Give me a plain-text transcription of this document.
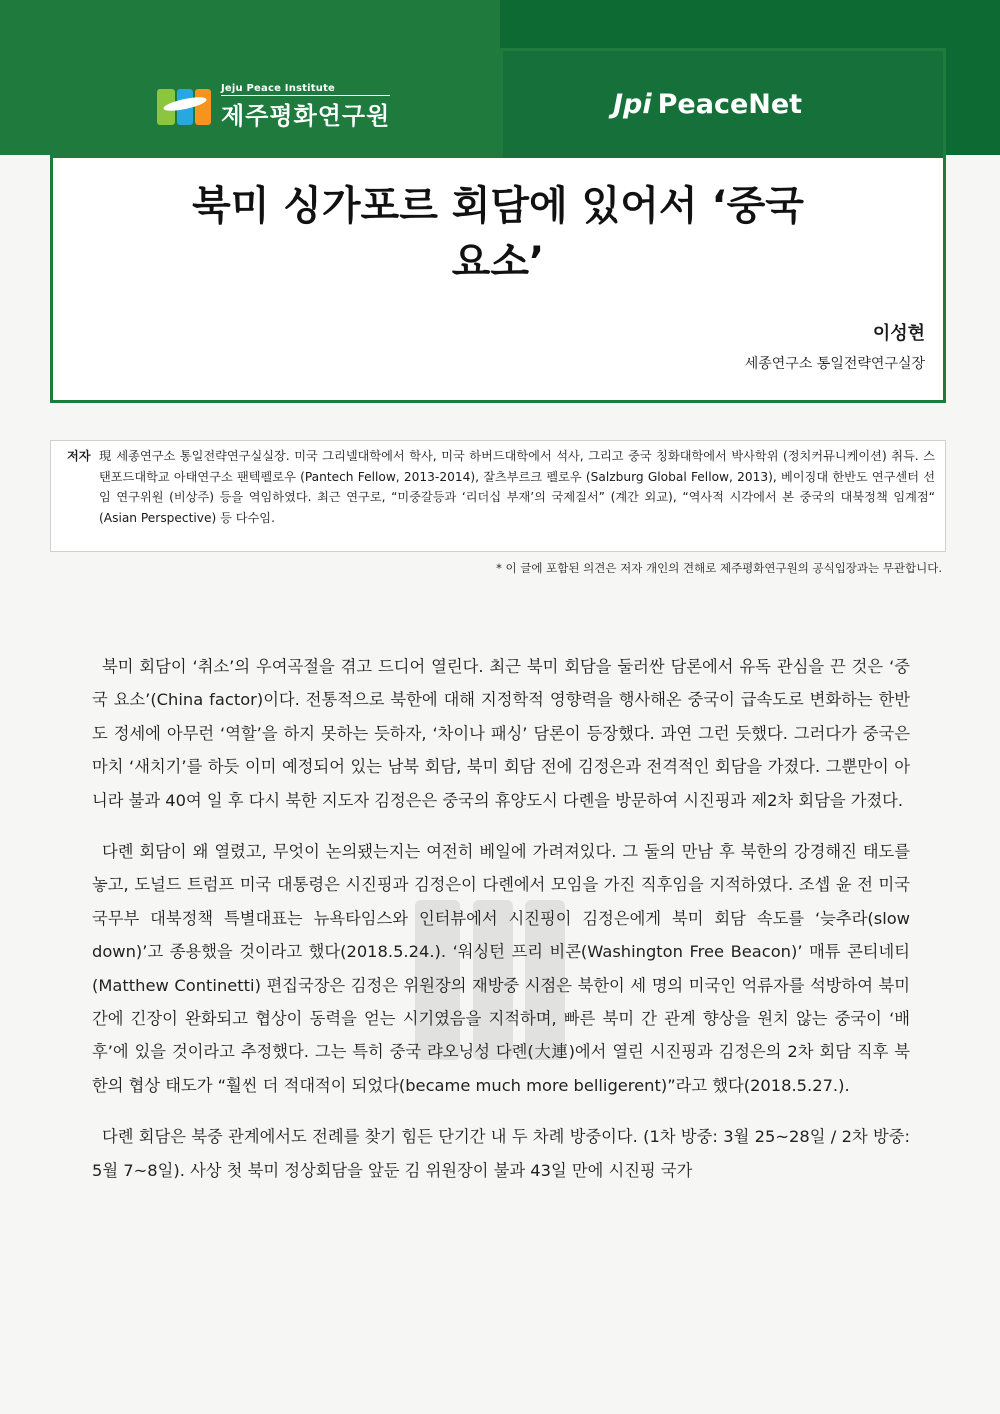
Jeju Peace Institute
제주평화연구원	Jpi PeaceNet
북미 싱가포르 회담에 있어서 ‘중국
요소’
이성현
세종연구소 통일전략연구실장
저자 現 세종연구소 통일전략연구실실장. 미국 그리넬대학에서 학사, 미국 하버드대학에서 석사, 그리고 중국 칭화대학에서 박사학위 (정치커뮤니케이션) 취득. 스탠포드대학교 아태연구소 팬텍펠로우 (Pantech Fellow, 2013-2014), 잘츠부르크 펠로우 (Salzburg Global Fellow, 2013), 베이징대 한반도 연구센터 선임 연구위원 (비상주) 등을 역임하였다. 최근 연구로, “미중갈등과 ‘리더십 부재’의 국제질서” (계간 외교), “역사적 시각에서 본 중국의 대북정책 임계점“ (Asian Perspective) 등 다수임.
* 이 글에 포함된 의견은 저자 개인의 견해로 제주평화연구원의 공식입장과는 무관합니다.

북미 회담이 ‘취소’의 우여곡절을 겪고 드디어 열린다. 최근 북미 회담을 둘러싼 담론에서 유독 관심을 끈 것은 ‘중국 요소’(China factor)이다. 전통적으로 북한에 대해 지정학적 영향력을 행사해온 중국이 급속도로 변화하는 한반도 정세에 아무런 ‘역할’을 하지 못하는 듯하자, ‘차이나 패싱’ 담론이 등장했다. 과연 그런 듯했다. 그러다가 중국은 마치 ‘새치기’를 하듯 이미 예정되어 있는 남북 회담, 북미 회담 전에 김정은과 전격적인 회담을 가졌다. 그뿐만이 아니라 불과 40여 일 후 다시 북한 지도자 김정은은 중국의 휴양도시 다롄을 방문하여 시진핑과 제2차 회담을 가졌다.

다롄 회담이 왜 열렸고, 무엇이 논의됐는지는 여전히 베일에 가려져있다. 그 둘의 만남 후 북한의 강경해진 태도를 놓고, 도널드 트럼프 미국 대통령은 시진핑과 김정은이 다롄에서 모임을 가진 직후임을 지적하였다. 조셉 윤 전 미국 국무부 대북정책 특별대표는 뉴욕타임스와 인터뷰에서 시진핑이 김정은에게 북미 회담 속도를 ‘늦추라(slow down)’고 종용했을 것이라고 했다(2018.5.24.). ‘워싱턴 프리 비콘(Washington Free Beacon)’ 매튜 콘티네티(Matthew Continetti) 편집국장은 김정은 위원장의 재방중 시점은 북한이 세 명의 미국인 억류자를 석방하여 북미 간에 긴장이 완화되고 협상이 동력을 얻는 시기였음을 지적하며, 빠른 북미 간 관계 향상을 원치 않는 중국이 ‘배후’에 있을 것이라고 추정했다. 그는 특히 중국 랴오닝성 다롄(大連)에서 열린 시진핑과 김정은의 2차 회담 직후 북한의 협상 태도가 “훨씬 더 적대적이 되었다(became much more belligerent)”라고 했다(2018.5.27.).

다롄 회담은 북중 관계에서도 전례를 찾기 힘든 단기간 내 두 차례 방중이다. (1차 방중: 3월 25~28일 / 2차 방중: 5월 7~8일). 사상 첫 북미 정상회담을 앞둔 김 위원장이 불과 43일 만에 시진핑 국가
